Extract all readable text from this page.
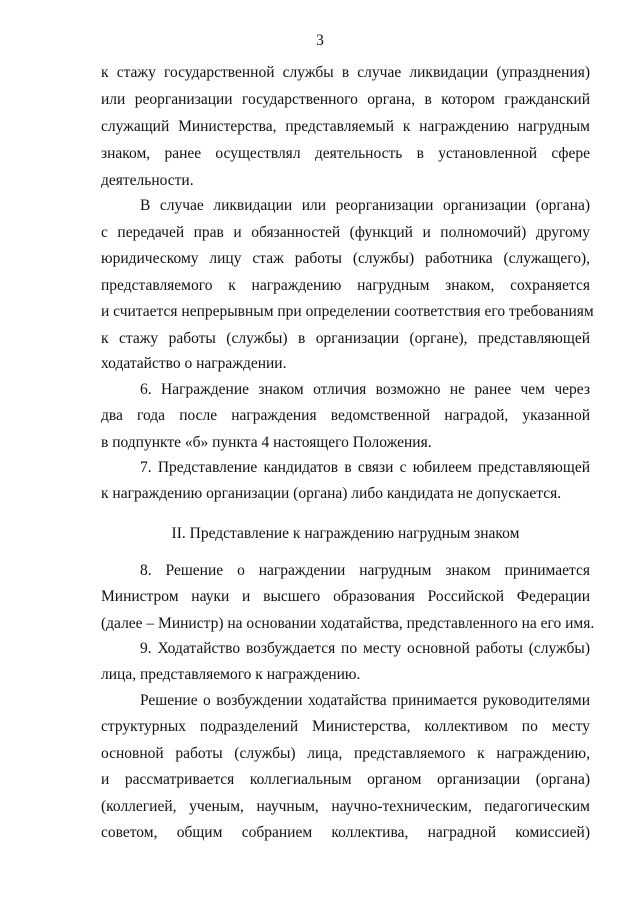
3
к стажу государственной службы в случае ликвидации (упразднения)
или реорганизации государственного органа, в котором гражданский
служащий Министерства, представляемый к награждению нагрудным
знаком, ранее осуществлял деятельность в установленной сфере
деятельности.
В случае ликвидации или реорганизации организации (органа)
с передачей прав и обязанностей (функций и полномочий) другому
юридическому лицу стаж работы (службы) работника (служащего),
представляемого к награждению нагрудным знаком, сохраняется
и считается непрерывным при определении соответствия его требованиям
к стажу работы (службы) в организации (органе), представляющей
ходатайство о награждении.
6. Награждение знаком отличия возможно не ранее чем через
два года после награждения ведомственной наградой, указанной
в подпункте «б» пункта 4 настоящего Положения.
7. Представление кандидатов в связи с юбилеем представляющей
к награждению организации (органа) либо кандидата не допускается.
II. Представление к награждению нагрудным знаком
8. Решение о награждении нагрудным знаком принимается
Министром науки и высшего образования Российской Федерации
(далее – Министр) на основании ходатайства, представленного на его имя.
9. Ходатайство возбуждается по месту основной работы (службы)
лица, представляемого к награждению.
Решение о возбуждении ходатайства принимается руководителями
структурных подразделений Министерства, коллективом по месту
основной работы (службы) лица, представляемого к награждению,
и рассматривается коллегиальным органом организации (органа)
(коллегией, ученым, научным, научно-техническим, педагогическим
советом, общим собранием коллектива, наградной комиссией)
